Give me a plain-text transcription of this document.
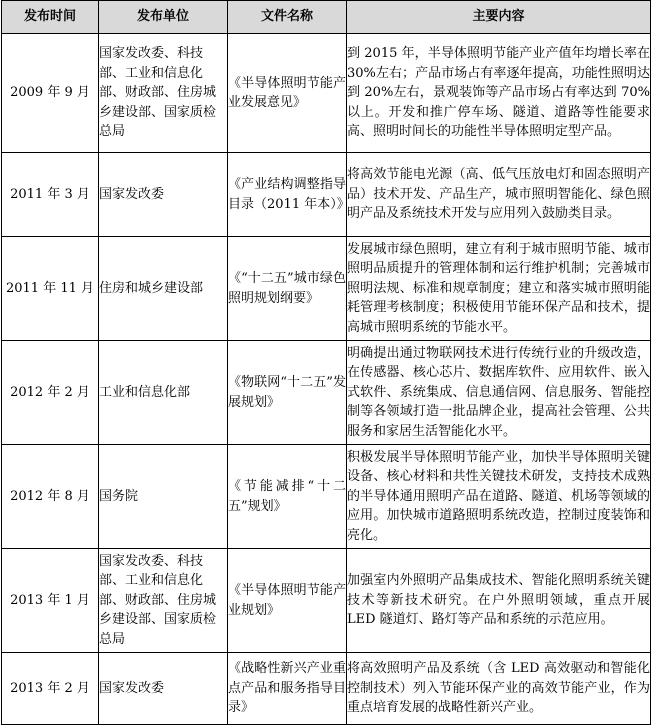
发布时间	发布单位	文件名称	主要内容
2009 年 9 月	国家发改委、科技部、工业和信息化部、财政部、住房城乡建设部、国家质检总局	《半导体照明节能产业发展意见》	到 2015 年，半导体照明节能产业产值年均增长率在 30%左右；产品市场占有率逐年提高，功能性照明达到 20%左右，景观装饰等产品市场占有率达到 70%以上。开发和推广停车场、隧道、道路等性能要求高、照明时间长的功能性半导体照明定型产品。
2011 年 3 月	国家发改委	《产业结构调整指导目录（2011 年本）》	将高效节能电光源（高、低气压放电灯和固态照明产品）技术开发、产品生产，城市照明智能化、绿色照明产品及系统技术开发与应用列入鼓励类目录。
2011 年 11 月	住房和城乡建设部	《“十二五”城市绿色照明规划纲要》	发展城市绿色照明，建立有利于城市照明节能、城市照明品质提升的管理体制和运行维护机制；完善城市照明法规、标准和规章制度；建立和落实城市照明能耗管理考核制度；积极使用节能环保产品和技术，提高城市照明系统的节能水平。
2012 年 2 月	工业和信息化部	《物联网“十二五”发展规划》	明确提出通过物联网技术进行传统行业的升级改造，在传感器、核心芯片、数据库软件、应用软件、嵌入式软件、系统集成、信息通信网、信息服务、智能控制等各领域打造一批品牌企业，提高社会管理、公共服务和家居生活智能化水平。
2012 年 8 月	国务院	《节能减排“十二五”规划》	积极发展半导体照明节能产业，加快半导体照明关键设备、核心材料和共性关键技术研发，支持技术成熟的半导体通用照明产品在道路、隧道、机场等领域的应用。加快城市道路照明系统改造，控制过度装饰和亮化。
2013 年 1 月	国家发改委、科技部、工业和信息化部、财政部、住房城乡建设部、国家质检总局	《半导体照明节能产业规划》	加强室内外照明产品集成技术、智能化照明系统关键技术等新技术研究。在户外照明领域，重点开展 LED 隧道灯、路灯等产品和系统的示范应用。
2013 年 2 月	国家发改委	《战略性新兴产业重点产品和服务指导目录》	将高效照明产品及系统（含 LED 高效驱动和智能化控制技术）列入节能环保产业的高效节能产业，作为重点培育发展的战略性新兴产业。
